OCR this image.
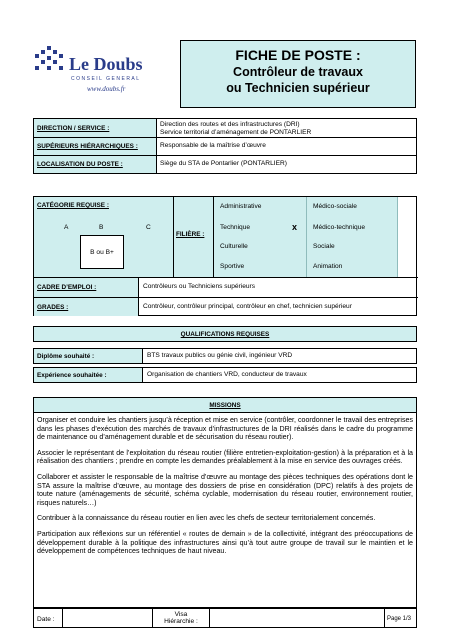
Le Doubs
CONSEIL GENERAL
www.doubs.fr
FICHE DE POSTE :
Contrôleur de travaux
ou Technicien supérieur
DIRECTION / SERVICE :
Direction des routes et des infrastructures (DRI)
Service territorial d’aménagement de PONTARLIER
SUPÉRIEURS HIÉRARCHIQUES :	Responsable de la maîtrise d’œuvre
LOCALISATION DU POSTE :	Siège du STA de Pontarlier (PONTARLIER)
CATÉGORIE REQUISE :
A	B	C
B ou B+
FILIÈRE :
Administrative	Médico-sociale
Technique	x Médico-technique
Culturelle	Sociale
Sportive	Animation
CADRE D’EMPLOI :	Contrôleurs ou Techniciens supérieurs
GRADES :	Contrôleur, contrôleur principal, contrôleur en chef, technicien supérieur
QUALIFICATIONS REQUISES
Diplôme souhaité :	BTS travaux publics ou génie civil, ingénieur VRD
Expérience souhaitée :	Organisation de chantiers VRD, conducteur de travaux
MISSIONS

Organiser et conduire les chantiers jusqu’à réception et mise en service (contrôler, coordonner le travail des entreprises dans les phases d’exécution des marchés de travaux d’infrastructures de la DRI réalisés dans le cadre du programme de maintenance ou d’aménagement durable et de sécurisation du réseau routier).

Associer le représentant de l’exploitation du réseau routier (filière entretien-exploitation-gestion) à la préparation et à la réalisation des chantiers ; prendre en compte les demandes préalablement à la mise en service des ouvrages créés.

Collaborer et assister le responsable de la maîtrise d’œuvre au montage des pièces techniques des opérations dont le STA assure la maîtrise d’œuvre, au montage des dossiers de prise en considération (DPC) relatifs à des projets de toute nature (aménagements de sécurité, schéma cyclable, modernisation du réseau routier, environnement routier, risques naturels…)

Contribuer à la connaissance du réseau routier en lien avec les chefs de secteur territorialement concernés.

Participation aux réflexions sur un référentiel « routes de demain » de la collectivité, intégrant des préoccupations de développement durable à la politique des infrastructures ainsi qu’à tout autre groupe de travail sur le maintien et le développement de compétences techniques de haut niveau.

Date :
Visa
Hiérarchie :	Page 1/3
